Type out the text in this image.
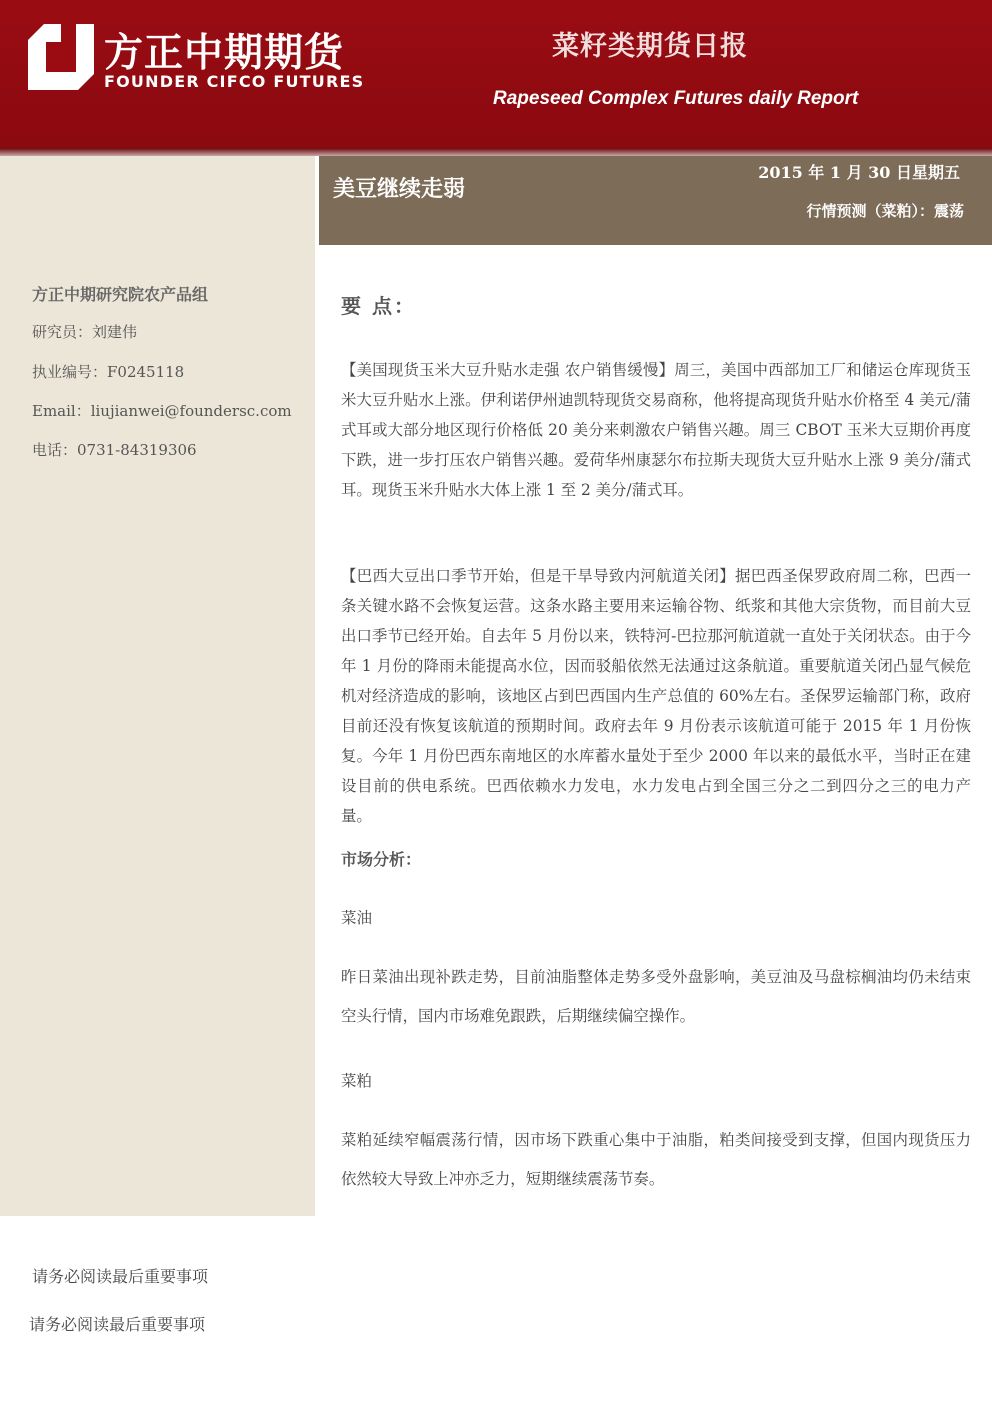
方正中期期货
FOUNDER CIFCO FUTURES
菜籽类期货日报
Rapeseed Complex Futures daily Report
方正中期研究院农产品组
研究员：刘建伟
执业编号：F0245118
Email：liujianwei@foundersc.com
电话：0731-84319306
美豆继续走弱
2015 年 1 月 30 日星期五
行情预测（菜粕）：震荡
要 点：

【美国现货玉米大豆升贴水走强 农户销售缓慢】周三，美国中西部加工厂和储运仓库现货玉米大豆升贴水上涨。伊利诺伊州迪凯特现货交易商称，他将提高现货升贴水价格至 4 美元/蒲式耳或大部分地区现行价格低 20 美分来刺激农户销售兴趣。周三 CBOT 玉米大豆期价再度下跌，进一步打压农户销售兴趣。爱荷华州康瑟尔布拉斯夫现货大豆升贴水上涨 9 美分/蒲式耳。现货玉米升贴水大体上涨 1 至 2 美分/蒲式耳。

【巴西大豆出口季节开始，但是干旱导致内河航道关闭】据巴西圣保罗政府周二称，巴西一条关键水路不会恢复运营。这条水路主要用来运输谷物、纸浆和其他大宗货物，而目前大豆出口季节已经开始。自去年 5 月份以来，铁特河-巴拉那河航道就一直处于关闭状态。由于今年 1 月份的降雨未能提高水位，因而驳船依然无法通过这条航道。重要航道关闭凸显气候危机对经济造成的影响，该地区占到巴西国内生产总值的 60%左右。圣保罗运输部门称，政府目前还没有恢复该航道的预期时间。政府去年 9 月份表示该航道可能于 2015 年 1 月份恢复。今年 1 月份巴西东南地区的水库蓄水量处于至少 2000 年以来的最低水平，当时正在建设目前的供电系统。巴西依赖水力发电，水力发电占到全国三分之二到四分之三的电力产量。

市场分析：
菜油

昨日菜油出现补跌走势，目前油脂整体走势多受外盘影响，美豆油及马盘棕榈油均仍未结束空头行情，国内市场难免跟跌，后期继续偏空操作。

菜粕

菜粕延续窄幅震荡行情，因市场下跌重心集中于油脂，粕类间接受到支撑，但国内现货压力依然较大导致上冲亦乏力，短期继续震荡节奏。

请务必阅读最后重要事项
请务必阅读最后重要事项
